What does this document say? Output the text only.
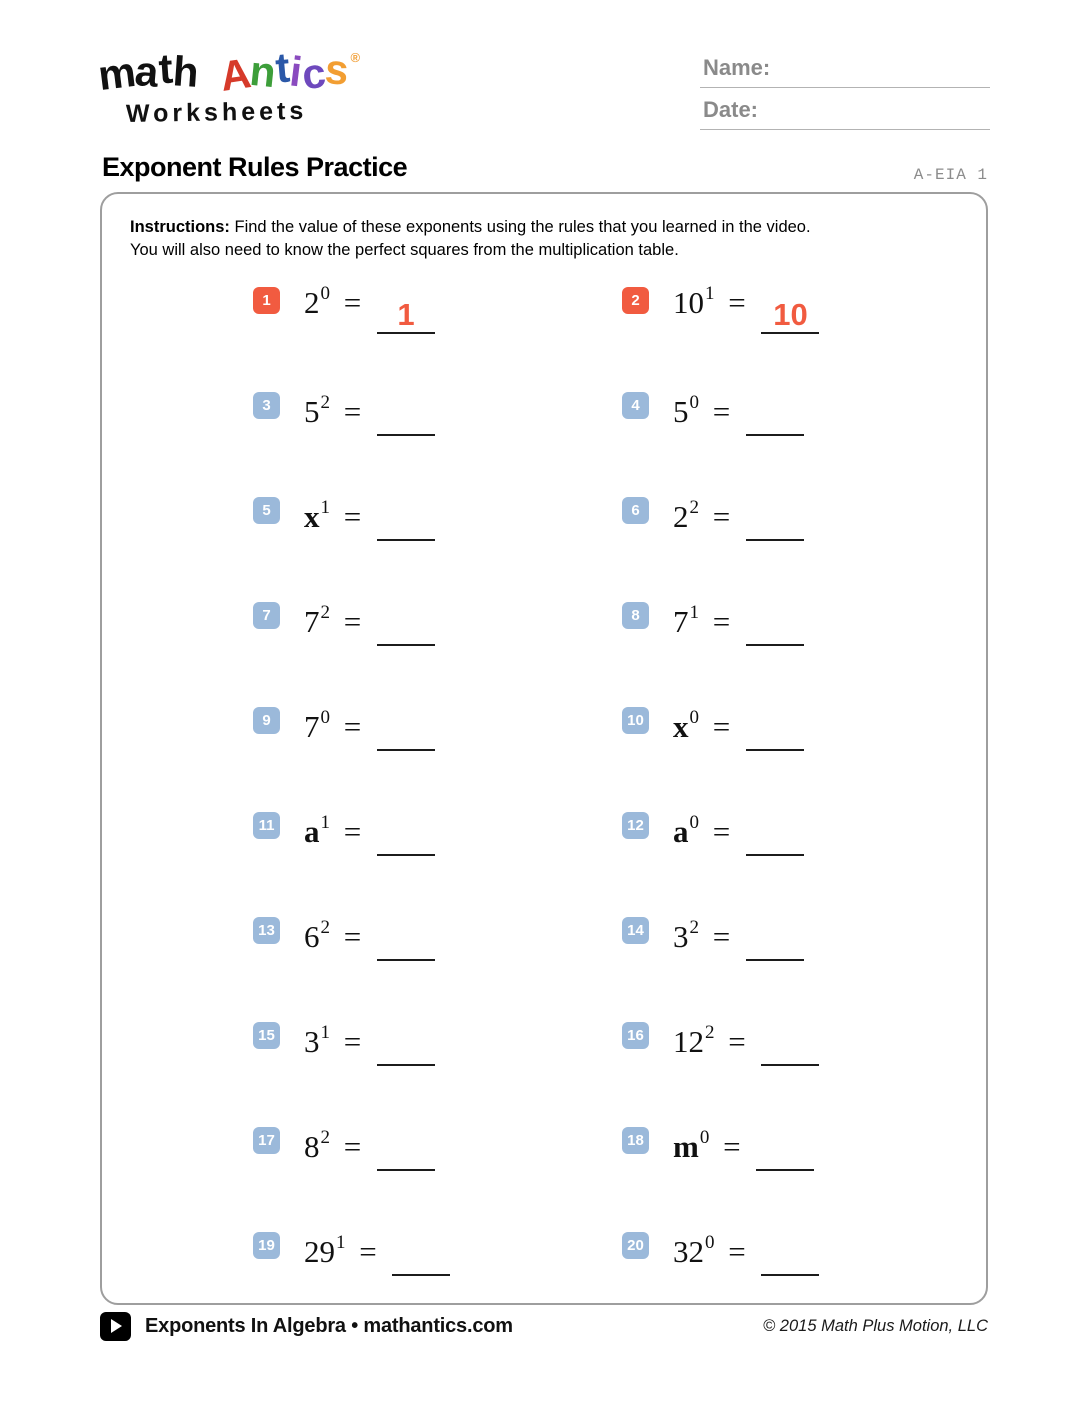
math Antics®
Worksheets
Name:
Date:
Exponent Rules Practice	A-EIA 1
Instructions: Find the value of these exponents using the rules that you learned in the video.
You will also need to know the perfect squares from the multiplication table.
1	$2^0 = 1$	2	$10^1 = 10$
3	$5^2$ =	4	$5^0$ =
5	$x^1$ =	6	$2^2$ =
7	$7^2$ =	8	$7^1$ =
9	$7^0$ =	10 $x^0$ =
11 $a^1$ =	12 $a^0$ =
13 $6^2$ =	14 $3^2$ =
15 $3^1$ =	16 $12^2$ =
17 $8^2$ =	18 $m^0$ =
19 $29^1$ =	20 $32^0$ =
Exponents In Algebra • mathantics.com	© 2015 Math Plus Motion, LLC
